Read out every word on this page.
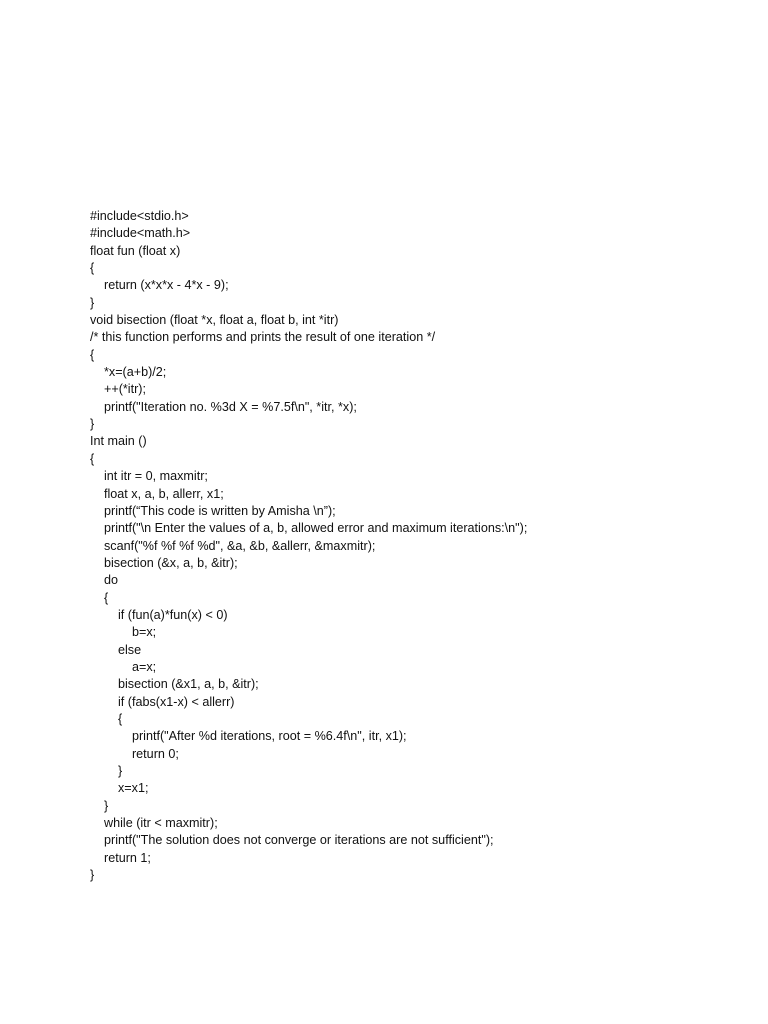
#include<stdio.h>
#include<math.h>
float fun (float x)
{
return (x*x*x - 4*x - 9);
}
void bisection (float *x, float a, float b, int *itr)
/* this function performs and prints the result of one iteration */
{
*x=(a+b)/2;
++(*itr);
printf("Iteration no. %3d X = %7.5f\n", *itr, *x);
}
Int main ()
{
int itr = 0, maxmitr;
float x, a, b, allerr, x1;
printf(“This code is written by Amisha \n”);
printf("\n Enter the values of a, b, allowed error and maximum iterations:\n");
scanf("%f %f %f %d", &a, &b, &allerr, &maxmitr);
bisection (&x, a, b, &itr);
do
{
if (fun(a)*fun(x) < 0)
b=x;
else
a=x;
bisection (&x1, a, b, &itr);
if (fabs(x1-x) < allerr)
{
printf("After %d iterations, root = %6.4f\n", itr, x1);
return 0;
}
x=x1;
}
while (itr < maxmitr);
printf("The solution does not converge or iterations are not sufficient");
return 1;
}
